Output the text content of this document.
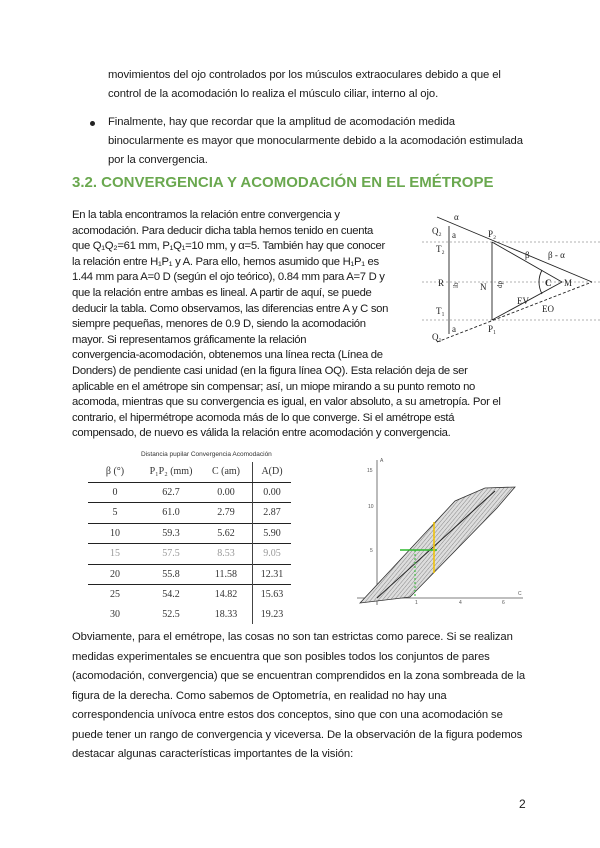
movimientos del ojo controlados por los músculos extraoculares debido a que el
control de la acomodación lo realiza el músculo ciliar, interno al ojo.
Finalmente, hay que recordar que la amplitud de acomodación medida
binocularmente es mayor que monocularmente debido a la acomodación estimulada
por la convergencia.
3.2. CONVERGENCIA Y ACOMODACIÓN EN EL EMÉTROPE
En la tabla encontramos la relación entre convergencia y
acomodación. Para deducir dicha tabla hemos tenido en cuenta
que Q₁Q₂=61 mm, P₁Q₁=10 mm, y α=5. También hay que conocer
la relación entre H₁P₁ y A. Para ello, hemos asumido que H₁P₁ es
1.44 mm para A=0 D (según el ojo teórico), 0.84 mm para A=7 D y
que la relación entre ambas es lineal. A partir de aquí, se puede
deducir la tabla. Como observamos, las diferencias entre A y C son
siempre pequeñas, menores de 0.9 D, siendo la acomodación
mayor. Si representamos gráficamente la relación
convergencia-acomodación, obtenemos una línea recta (Línea de
Donders) de pendiente casi unidad (en la figura línea OQ). Esta relación deja de ser
aplicable en el amétrope sin compensar; así, un miope mirando a su punto remoto no
acomoda, mientras que su convergencia es igual, en valor absoluto, a su ametropía. Por el
contrario, el hipermétrope acomoda más de lo que converge. Si el amétrope está
compensado, de nuevo es válida la relación entre acomodación y convergencia.
Q₂
Q₁
T₂
T₁
P₂
P₁
R	N	M
C
β β - α
α
a
a
EV
EO
ib	dp
Distancia pupilar Convergencia Acomodación
β (°)	P₁P₂ (mm)	C (am)	A(D)
0	62.7	0.00	0.00
5	61.0	2.79	2.87
10	59.3	5.62	5.90
15	57.5	8.53	9.05
20	55.8	11.58	12.31
25	54.2	14.82	15.63
30	52.5	18.33	19.23
A
C
5
10
15
1	4	6
Obviamente, para el emétrope, las cosas no son tan estrictas como parece. Si se realizan
medidas experimentales se encuentra que son posibles todos los conjuntos de pares
(acomodación, convergencia) que se encuentran comprendidos en la zona sombreada de la
figura de la derecha. Como sabemos de Optometría, en realidad no hay una
correspondencia unívoca entre estos dos conceptos, sino que con una acomodación se
puede tener un rango de convergencia y viceversa. De la observación de la figura podemos
destacar algunas características importantes de la visión:
2
